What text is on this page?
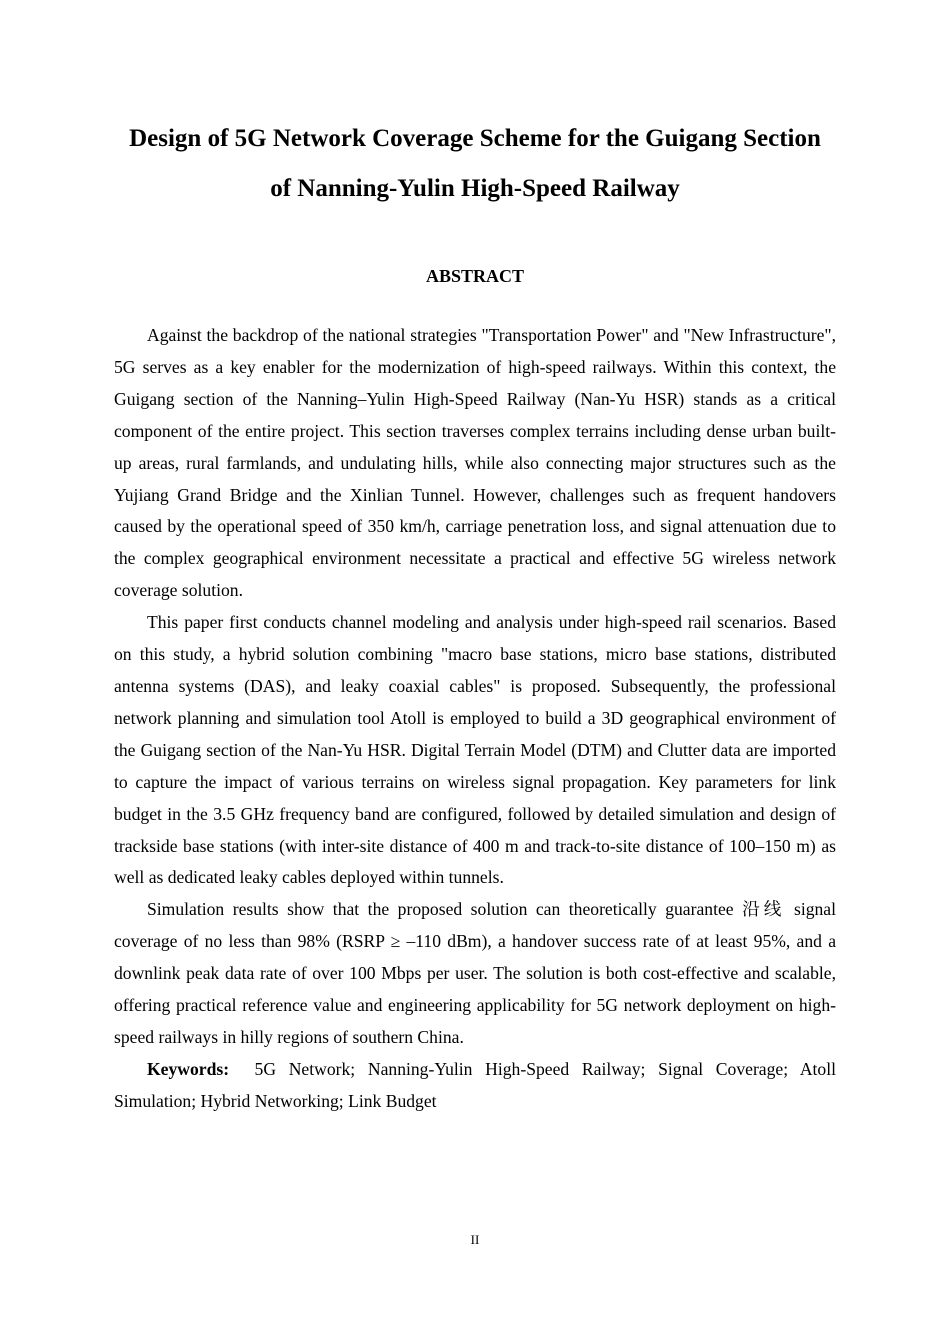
Design of 5G Network Coverage Scheme for the Guigang Section
of Nanning-Yulin High-Speed Railway
ABSTRACT

Against the backdrop of the national strategies "Transportation Power" and "New Infrastructure", 5G serves as a key enabler for the modernization of high-speed railways. Within this context, the Guigang section of the Nanning–Yulin High-Speed Railway (Nan-Yu HSR) stands as a critical component of the entire project. This section traverses complex terrains including dense urban built-up areas, rural farmlands, and undulating hills, while also connecting major structures such as the Yujiang Grand Bridge and the Xinlian Tunnel. However, challenges such as frequent handovers caused by the operational speed of 350 km/h, carriage penetration loss, and signal attenuation due to the complex geographical environment necessitate a practical and effective 5G wireless network coverage solution.

This paper first conducts channel modeling and analysis under high-speed rail scenarios. Based on this study, a hybrid solution combining "macro base stations, micro base stations, distributed antenna systems (DAS), and leaky coaxial cables" is proposed. Subsequently, the professional network planning and simulation tool Atoll is employed to build a 3D geographical environment of the Guigang section of the Nan-Yu HSR. Digital Terrain Model (DTM) and Clutter data are imported to capture the impact of various terrains on wireless signal propagation. Key parameters for link budget in the 3.5 GHz frequency band are configured, followed by detailed simulation and design of trackside base stations (with inter-site distance of 400 m and track-to-site distance of 100–150 m) as well as dedicated leaky cables deployed within tunnels.

Simulation results show that the proposed solution can theoretically guarantee 沿线 signal coverage of no less than 98% (RSRP ≥ –110 dBm), a handover success rate of at least 95%, and a downlink peak data rate of over 100 Mbps per user. The solution is both cost-effective and scalable, offering practical reference value and engineering applicability for 5G network deployment on high-speed railways in hilly regions of southern China.

Keywords: 5G Network; Nanning-Yulin High-Speed Railway; Signal Coverage; Atoll Simulation; Hybrid Networking; Link Budget

II
